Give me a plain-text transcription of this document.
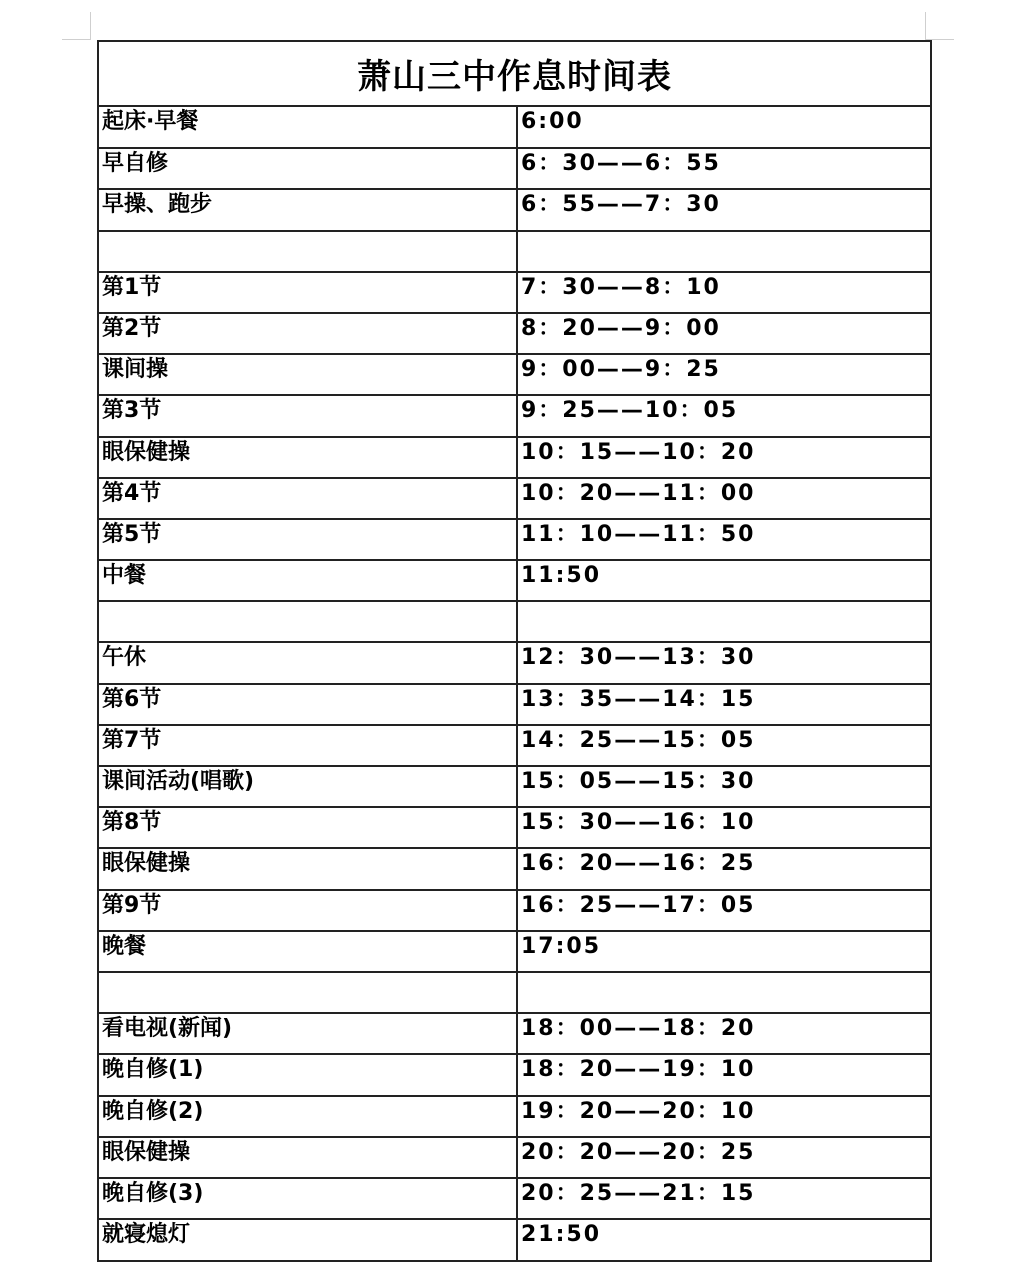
萧山三中作息时间表
起床·早餐	6:00
早自修	6：30——6：55
早操、跑步	6：55——7：30

第1节	7：30——8：10
第2节	8：20——9：00
课间操	9：00——9：25
第3节	9：25——10：05
眼保健操	10：15——10：20
第4节	10：20——11：00
第5节	11：10——11：50
中餐	11:50

午休	12：30——13：30
第6节	13：35——14：15
第7节	14：25——15：05
课间活动(唱歌)	15：05——15：30
第8节	15：30——16：10
眼保健操	16：20——16：25
第9节	16：25——17：05
晚餐	17:05

看电视(新闻)	18：00——18：20
晚自修(1)	18：20——19：10
晚自修(2)	19：20——20：10
眼保健操	20：20——20：25
晚自修(3)	20：25——21：15
就寝熄灯	21:50
